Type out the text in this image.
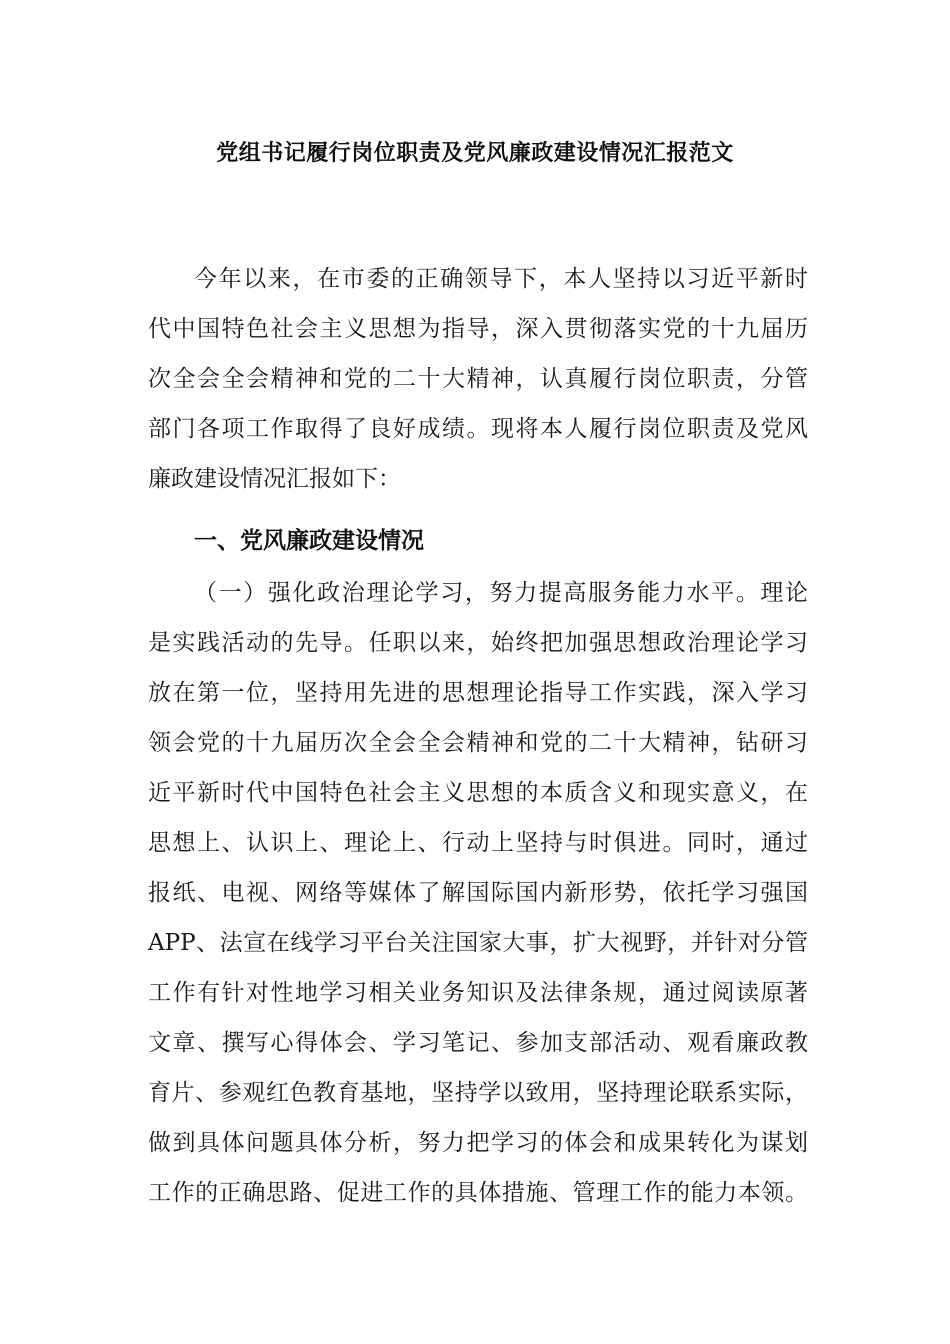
党组书记履行岗位职责及党风廉政建设情况汇报范文
今年以来，在市委的正确领导下，本人坚持以习近平新时
代中国特色社会主义思想为指导，深入贯彻落实党的十九届历
次全会全会精神和党的二十大精神，认真履行岗位职责，分管
部门各项工作取得了良好成绩。现将本人履行岗位职责及党风
廉政建设情况汇报如下：
一、党风廉政建设情况
（一）强化政治理论学习，努力提高服务能力水平。理论
是实践活动的先导。任职以来，始终把加强思想政治理论学习
放在第一位，坚持用先进的思想理论指导工作实践，深入学习
领会党的十九届历次全会全会精神和党的二十大精神，钻研习
近平新时代中国特色社会主义思想的本质含义和现实意义，在
思想上、认识上、理论上、行动上坚持与时俱进。同时，通过
报纸、电视、网络等媒体了解国际国内新形势，依托学习强国
APP、法宣在线学习平台关注国家大事，扩大视野，并针对分管
工作有针对性地学习相关业务知识及法律条规，通过阅读原著
文章、撰写心得体会、学习笔记、参加支部活动、观看廉政教
育片、参观红色教育基地，坚持学以致用，坚持理论联系实际，
做到具体问题具体分析，努力把学习的体会和成果转化为谋划
工作的正确思路、促进工作的具体措施、管理工作的能力本领。
